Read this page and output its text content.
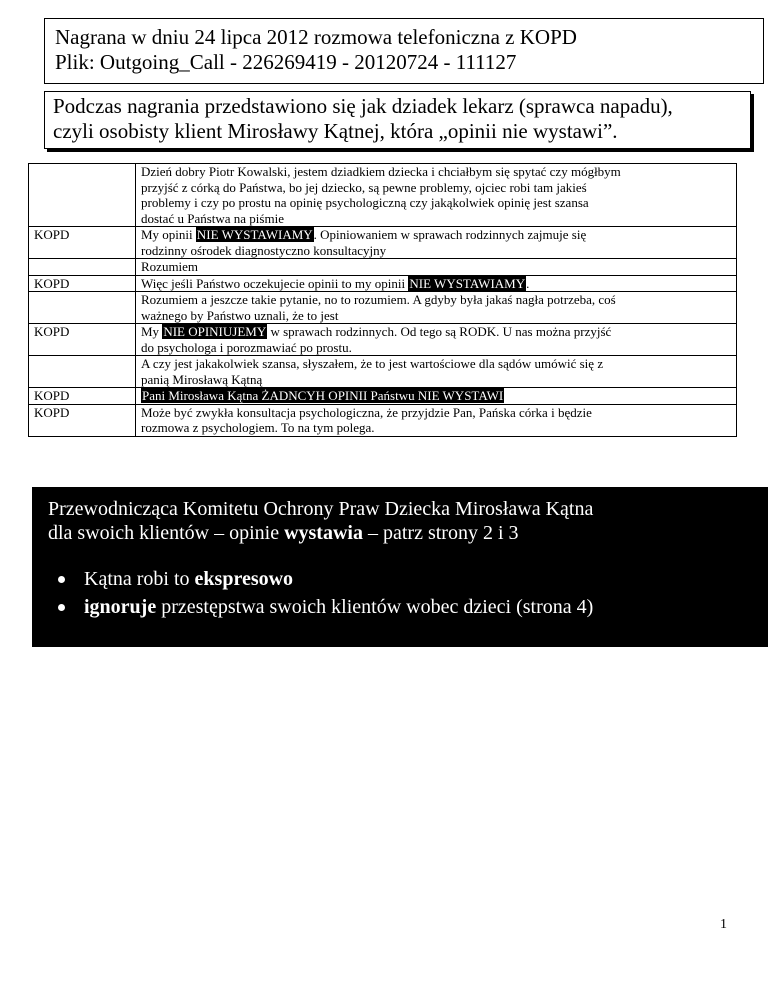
Nagrana w dniu 24 lipca 2012 rozmowa telefoniczna z KOPD
Plik: Outgoing_Call - 226269419 - 20120724 - 111127
Podczas nagrania przedstawiono się jak dziadek lekarz (sprawca napadu),
czyli osobisty klient Mirosławy Kątnej, która „opinii nie wystawi”.

	Dzień dobry Piotr Kowalski, jestem dziadkiem dziecka i chciałbym się spytać czy mógłbym
przyjść z córką do Państwa, bo jej dziecko, są pewne problemy, ojciec robi tam jakieś
problemy i czy po prostu na opinię psychologiczną czy jakąkolwiek opinię jest szansa
dostać u Państwa na piśmie

KOPD	My opinii NIE WYSTAWIAMY. Opiniowaniem w sprawach rodzinnych zajmuje się
rodzinny ośrodek diagnostyczno konsultacyjny

	Rozumiem

KOPD	Więc jeśli Państwo oczekujecie opinii to my opinii NIE WYSTAWIAMY.

	Rozumiem a jeszcze takie pytanie, no to rozumiem. A gdyby była jakaś nagła potrzeba, coś
ważnego by Państwo uznali, że to jest

KOPD	My NIE OPINIUJEMY w sprawach rodzinnych. Od tego są RODK. U nas można przyjść
do psychologa i porozmawiać po prostu.

	A czy jest jakakolwiek szansa, słyszałem, że to jest wartościowe dla sądów umówić się z
panią Mirosławą Kątną

KOPD	Pani Mirosława Kątna ŻADNCYH OPINII Państwu NIE WYSTAWI

KOPD	Może być zwykła konsultacja psychologiczna, że przyjdzie Pan, Pańska córka i będzie
rozmowa z psychologiem. To na tym polega.
Przewodnicząca Komitetu Ochrony Praw Dziecka Mirosława Kątna
dla swoich klientów – opinie wystawia – patrz strony 2 i 3
Kątna robi to ekspresowo
ignoruje przestępstwa swoich klientów wobec dzieci (strona 4)
1
